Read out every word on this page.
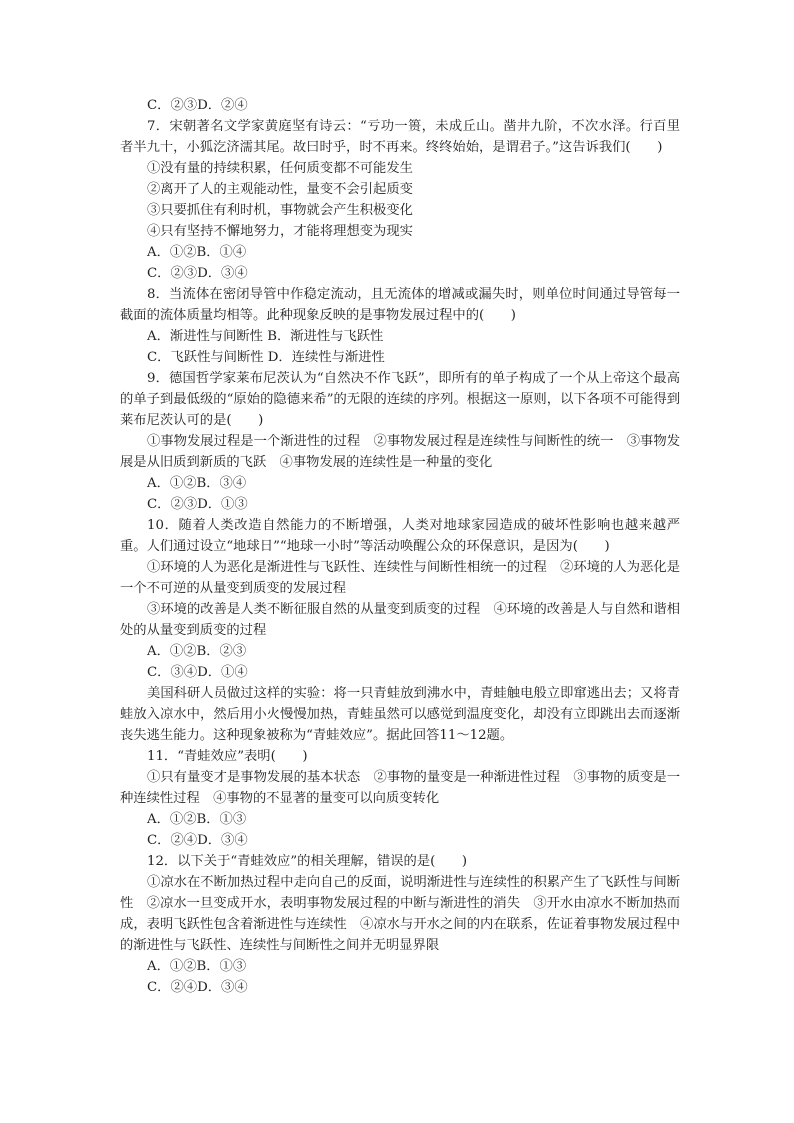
C．②③D．②④

7．宋朝著名文学家黄庭坚有诗云：“亏功一篑，未成丘山。凿井九阶，不次水泽。行百里者半九十，小狐汔济濡其尾。故曰时乎，时不再来。终终始始，是谓君子。”这告诉我们(　　)

①没有量的持续积累，任何质变都不可能发生

②离开了人的主观能动性，量变不会引起质变

③只要抓住有利时机，事物就会产生积极变化

④只有坚持不懈地努力，才能将理想变为现实

A．①②B．①④

C．②③D．③④

8．当流体在密闭导管中作稳定流动，且无流体的增减或漏失时，则单位时间通过导管每一截面的流体质量均相等。此种现象反映的是事物发展过程中的(　　)

A．渐进性与间断性 B．渐进性与飞跃性

C．飞跃性与间断性 D．连续性与渐进性

9．德国哲学家莱布尼茨认为“自然决不作飞跃”，即所有的单子构成了一个从上帝这个最高的单子到最低级的“原始的隐德来希”的无限的连续的序列。根据这一原则，以下各项不可能得到莱布尼茨认可的是(　　)

①事物发展过程是一个渐进性的过程　②事物发展过程是连续性与间断性的统一　③事物发展是从旧质到新质的飞跃　④事物发展的连续性是一种量的变化

A．①②B．③④

C．②③D．①③

10．随着人类改造自然能力的不断增强，人类对地球家园造成的破坏性影响也越来越严重。人们通过设立“地球日”“地球一小时”等活动唤醒公众的环保意识，是因为(　　)

①环境的人为恶化是渐进性与飞跃性、连续性与间断性相统一的过程　②环境的人为恶化是一个不可逆的从量变到质变的发展过程

③环境的改善是人类不断征服自然的从量变到质变的过程　④环境的改善是人与自然和谐相处的从量变到质变的过程

A．①②B．②③

C．③④D．①④

美国科研人员做过这样的实验：将一只青蛙放到沸水中，青蛙触电般立即窜逃出去；又将青蛙放入凉水中，然后用小火慢慢加热，青蛙虽然可以感觉到温度变化，却没有立即跳出去而逐渐丧失逃生能力。这种现象被称为“青蛙效应”。据此回答11～12题。

11．“青蛙效应”表明(　　)

①只有量变才是事物发展的基本状态　②事物的量变是一种渐进性过程　③事物的质变是一种连续性过程　④事物的不显著的量变可以向质变转化

A．①②B．①③

C．②④D．③④

12．以下关于“青蛙效应”的相关理解，错误的是(　　)

①凉水在不断加热过程中走向自己的反面，说明渐进性与连续性的积累产生了飞跃性与间断性　②凉水一旦变成开水，表明事物发展过程的中断与渐进性的消失　③开水由凉水不断加热而成，表明飞跃性包含着渐进性与连续性　④凉水与开水之间的内在联系，佐证着事物发展过程中的渐进性与飞跃性、连续性与间断性之间并无明显界限

A．①②B．①③

C．②④D．③④
